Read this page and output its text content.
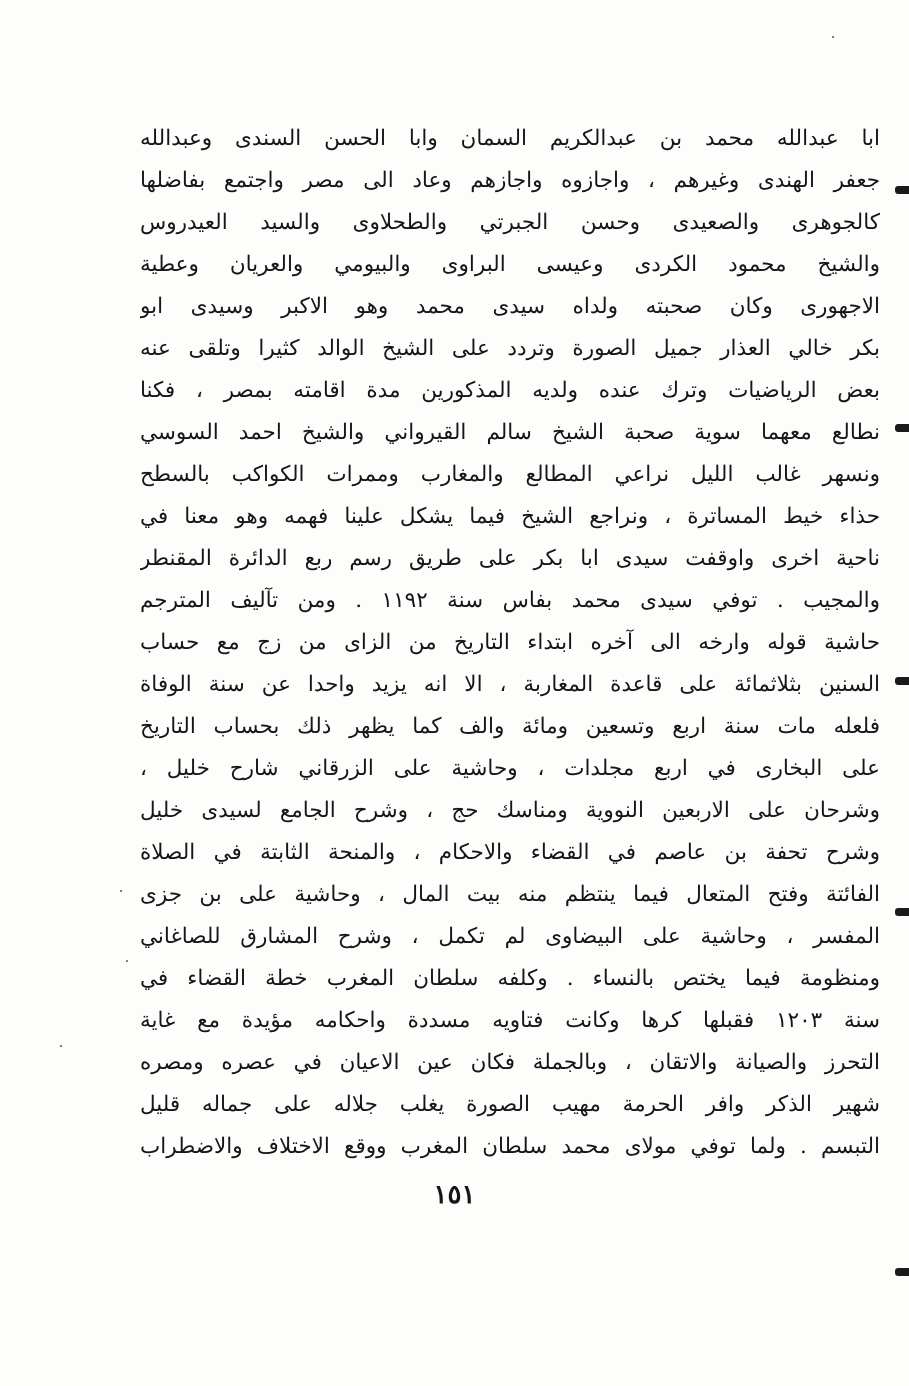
ابا عبدالله محمد بن عبدالكريم السمان وابا الحسن السندى وعبدالله
جعفر الهندى وغيرهم ، واجازوه واجازهم وعاد الى مصر واجتمع بفاضلها
كالجوهرى والصعيدى وحسن الجبرتي والطحلاوى والسيد العيدروس
والشيخ محمود الكردى وعيسى البراوى والبيومي والعريان وعطية
الاجهورى وكان صحبته ولداه سيدى محمد وهو الاكبر وسيدى ابو
بكر خالي العذار جميل الصورة وتردد على الشيخ الوالد كثيرا وتلقى عنه
بعض الرياضيات وترك عنده ولديه المذكورين مدة اقامته بمصر ، فكنا
نطالع معهما سوية صحبة الشيخ سالم القيرواني والشيخ احمد السوسي
ونسهر غالب الليل نراعي المطالع والمغارب وممرات الكواكب بالسطح
حذاء خيط المساترة ، ونراجع الشيخ فيما يشكل علينا فهمه وهو معنا في
ناحية اخرى واوقفت سيدى ابا بكر على طريق رسم ربع الدائرة المقنطر
والمجيب . توفي سيدى محمد بفاس سنة ١١٩٢ . ومن تآليف المترجم
حاشية قوله وارخه الى آخره ابتداء التاريخ من الزاى من زج مع حساب
السنين بثلاثمائة على قاعدة المغاربة ، الا انه يزيد واحدا عن سنة الوفاة
فلعله مات سنة اربع وتسعين ومائة والف كما يظهر ذلك بحساب التاريخ
على البخارى في اربع مجلدات ، وحاشية على الزرقاني شارح خليل ،
وشرحان على الاربعين النووية ومناسك حج ، وشرح الجامع لسيدى خليل
وشرح تحفة بن عاصم في القضاء والاحكام ، والمنحة الثابتة في الصلاة
الفائتة وفتح المتعال فيما ينتظم منه بيت المال ، وحاشية على بن جزى
المفسر ، وحاشية على البيضاوى لم تكمل ، وشرح المشارق للصاغاني
ومنظومة فيما يختص بالنساء . وكلفه سلطان المغرب خطة القضاء في
سنة ١٢٠٣ فقبلها كرها وكانت فتاويه مسددة واحكامه مؤيدة مع غاية
التحرز والصيانة والاتقان ، وبالجملة فكان عين الاعيان في عصره ومصره
شهير الذكر وافر الحرمة مهيب الصورة يغلب جلاله على جماله قليل
التبسم . ولما توفي مولاى محمد سلطان المغرب ووقع الاختلاف والاضطراب
١٥١
